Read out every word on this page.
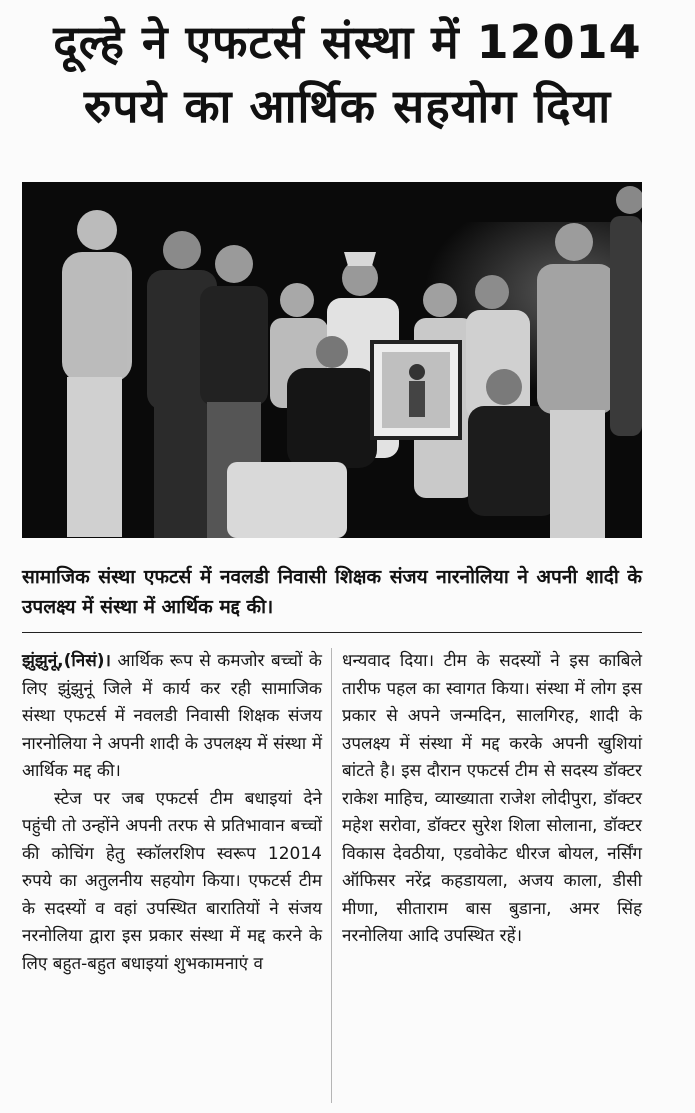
दूल्हे ने एफटर्स संस्था में 12014
रुपये का आर्थिक सहयोग दिया
सामाजिक संस्था एफटर्स में नवलडी निवासी शिक्षक संजय नारनोलिया ने अपनी शादी के उपलक्ष्य में संस्था में आर्थिक मद्द की।

झुंझुनूं,(निसं)। आर्थिक रूप से कमजोर बच्चों के लिए झुंझुनूं जिले में कार्य कर रही सामाजिक संस्था एफटर्स में नवलडी निवासी शिक्षक संजय नारनोलिया ने अपनी शादी के उपलक्ष्य में संस्था में आर्थिक मद्द की।

स्टेज पर जब एफटर्स टीम बधाइयां देने पहुंची तो उन्होंने अपनी तरफ से प्रतिभावान बच्चों की कोचिंग हेतु स्कॉलरशिप स्वरूप 12014 रुपये का अतुलनीय सहयोग किया। एफटर्स टीम के सदस्यों व वहां उपस्थित बारातियों ने संजय नरनोलिया द्वारा इस प्रकार संस्था में मद्द करने के लिए बहुत-बहुत बधाइयां शुभकामनाएं व

धन्यवाद दिया। टीम के सदस्यों ने इस काबिले तारीफ पहल का स्वागत किया। संस्था में लोग इस प्रकार से अपने जन्मदिन, सालगिरह, शादी के उपलक्ष्य में संस्था में मद्द करके अपनी खुशियां बांटते है। इस दौरान एफटर्स टीम से सदस्य डॉक्टर राकेश माहिच, व्याख्याता राजेश लोदीपुरा, डॉक्टर महेश सरोवा, डॉक्टर सुरेश शिला सोलाना, डॉक्टर विकास देवठीया, एडवोकेट धीरज बोयल, नर्सिंग ऑफिसर नरेंद्र कहडायला, अजय काला, डीसी मीणा, सीताराम बास बुडाना, अमर सिंह नरनोलिया आदि उपस्थित रहें।
